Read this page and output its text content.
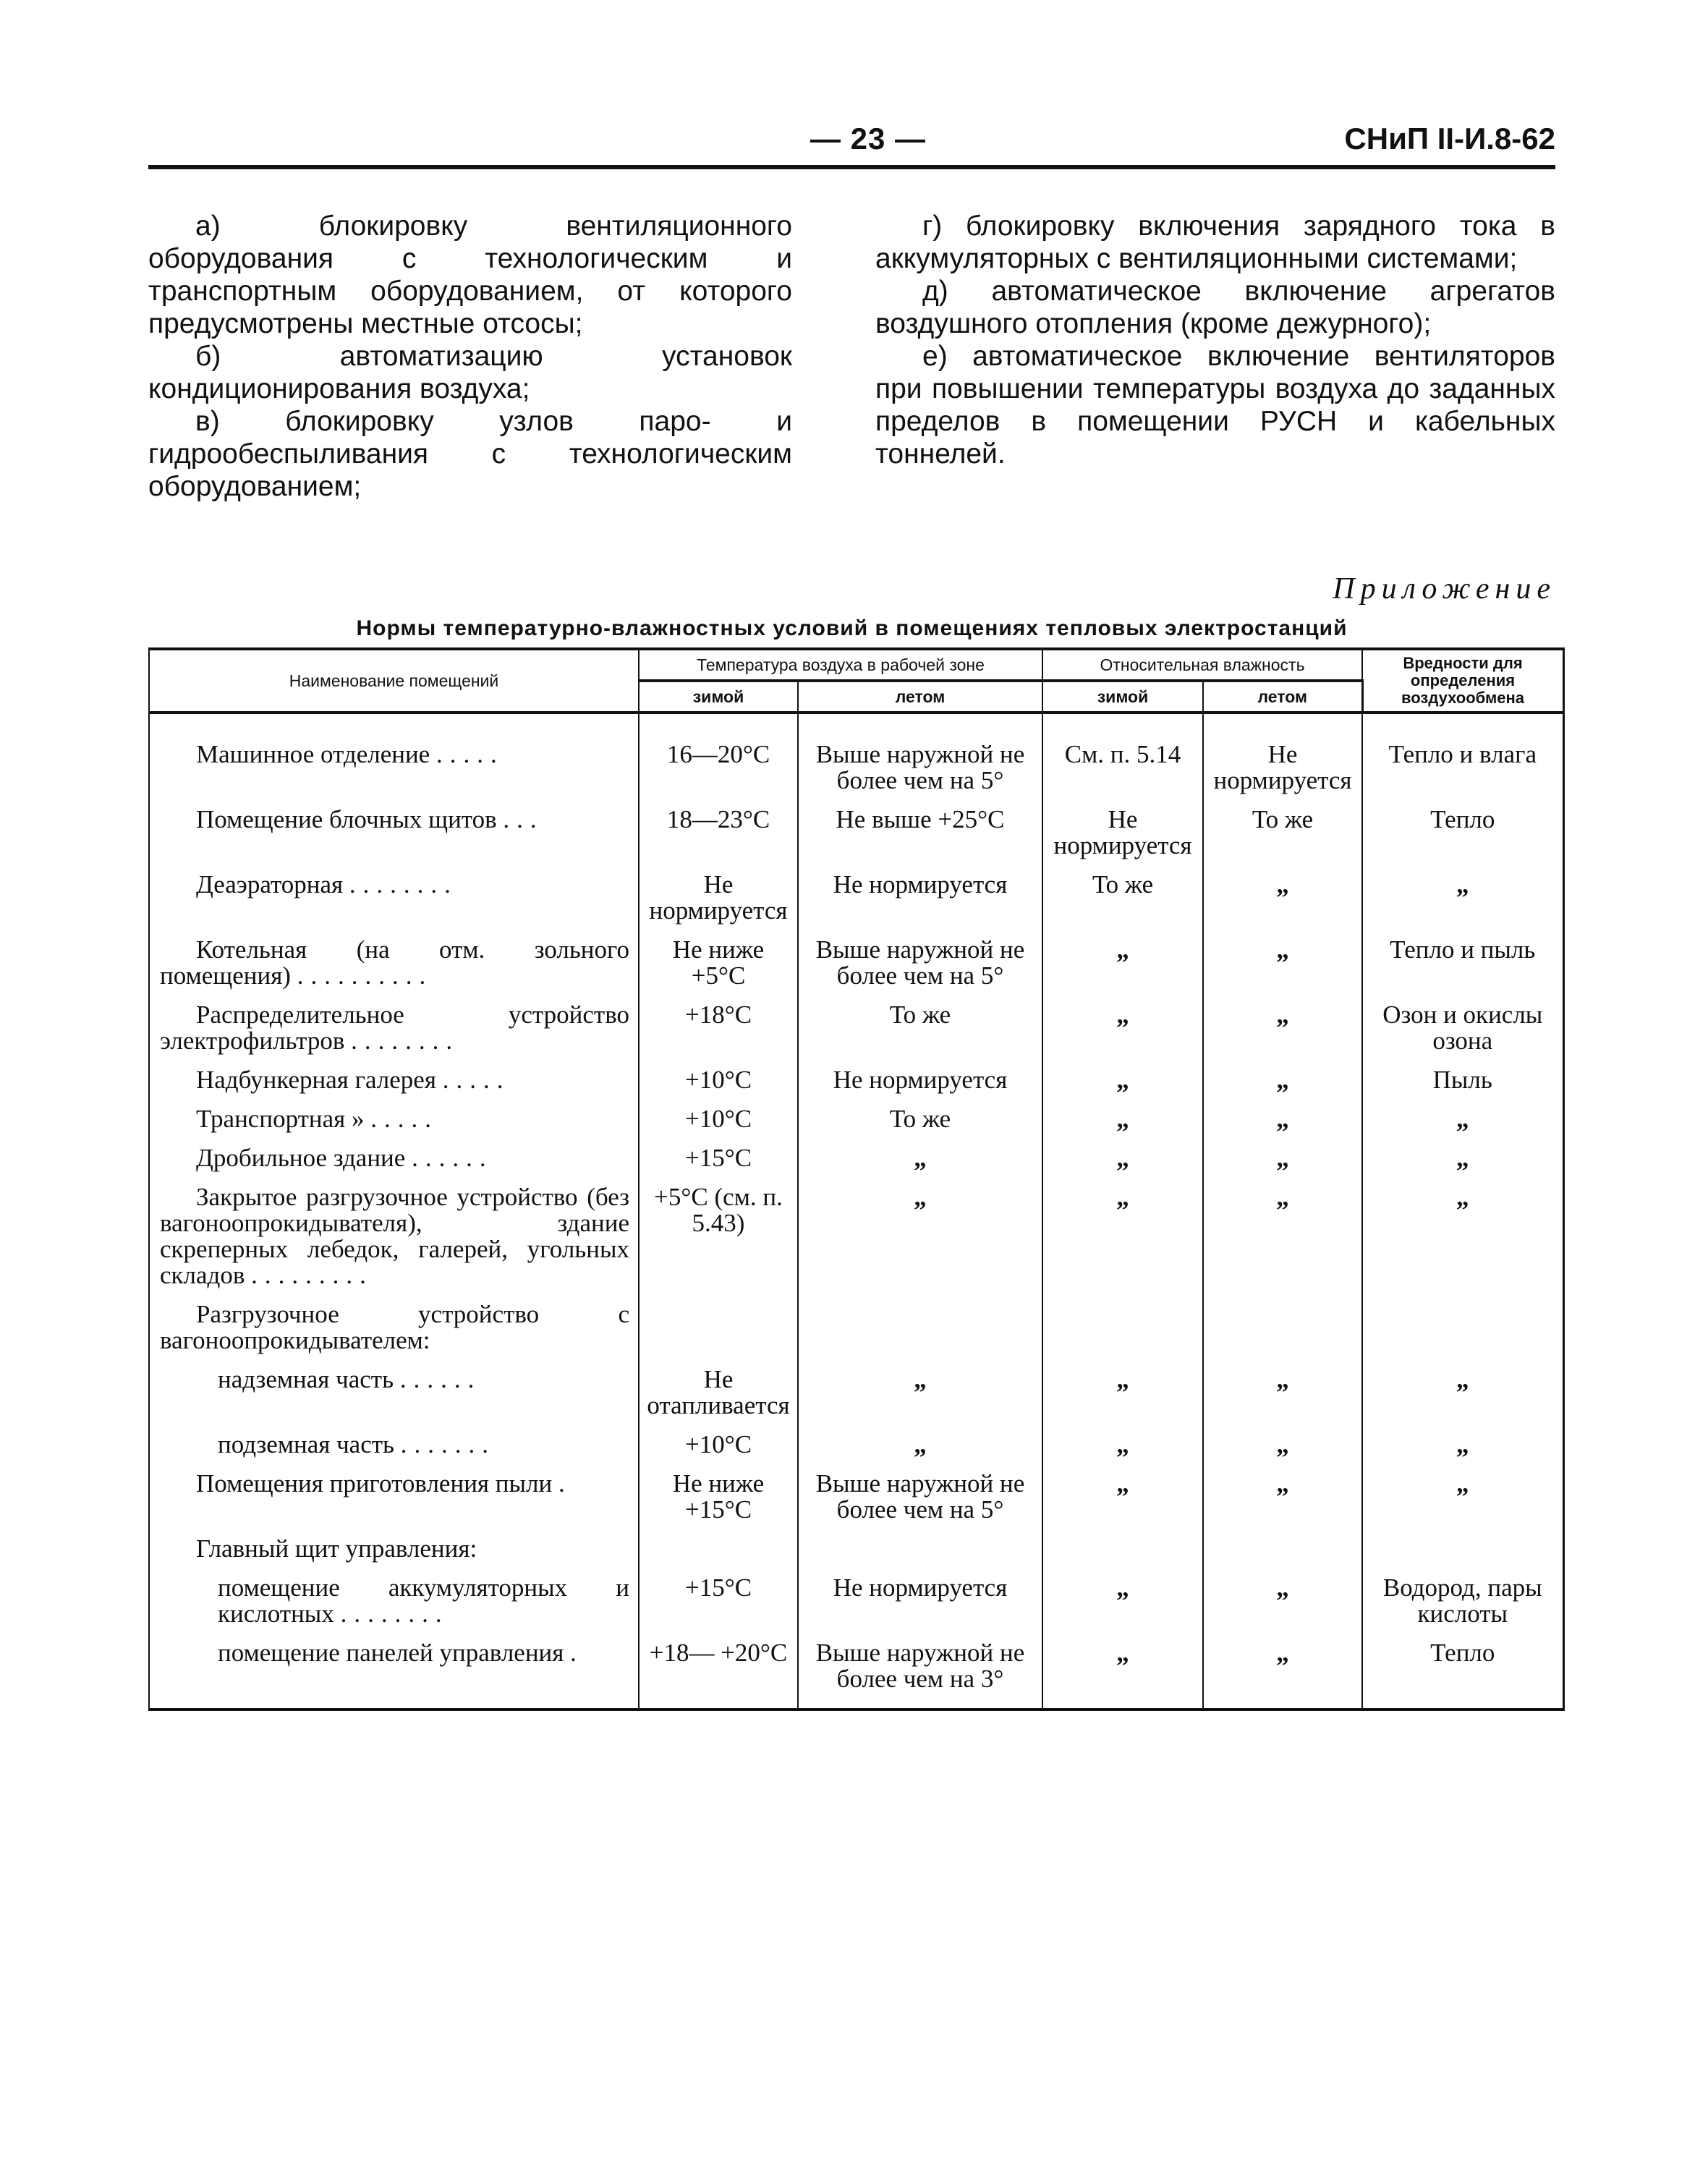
— 23 —	СНиП II-И.8-62

а) блокировку вентиляционного оборудования с технологическим и транспортным оборудованием, от которого предусмотрены местные отсосы;

б) автоматизацию установок кондиционирования воздуха;

в) блокировку узлов паро- и гидрообеспыливания с технологическим оборудованием;

г) блокировку включения зарядного тока в аккумуляторных с вентиляционными системами;

д) автоматическое включение агрегатов воздушного отопления (кроме дежурного);

е) автоматическое включение вентиляторов при повышении температуры воздуха до заданных пределов в помещении РУСН и кабельных тоннелей.

Приложение
Нормы температурно-влажностных условий в помещениях тепловых электростанций
Наименование помещений	Температура воздуха в рабочей зоне		Относительная влажность		Вредности для определения воздухообмена
	зимой	летом	зимой	летом	

Машинное отделение .....	16—20°С	Выше наружной не более чем на 5°	См. п. 5.14	Не нормируется	Тепло и влага

Помещение блочных щитов ...	18—23°С	Не выше +25°С	Не нормируется	То же	Тепло

Деаэраторная ........	Не нормируется	Не нормируется	То же	„	„

Котельная (на отм. зольного помещения) ..........	Не ниже +5°С	Выше наружной не более чем на 5°	„	„	Тепло и пыль

Распределительное устройство электрофильтров ........	+18°С	То же	„	„	Озон и окислы озона

Надбункерная галерея .....	+10°С	Не нормируется	„	„	Пыль

Транспортная » .....	+10°С	То же	„	„	„

Дробильное здание ......	+15°С	„	„	„	„

Закрытое разгрузочное устройство (без вагоноопрокидывателя), здание скреперных лебедок, галерей, угольных складов .........	+5°С (см. п. 5.43)	„	„	„	„

Разгрузочное устройство с вагоноопрокидывателем:					

надземная часть ......	Не отапливается	„	„	„	„

подземная часть .......	+10°С	„	„	„	„

Помещения приготовления пыли .	Не ниже +15°С	Выше наружной не более чем на 5°	„	„	„

Главный щит управления:					

помещение аккумуляторных и кислотных ........	+15°С	Не нормируется	„	„	Водород, пары кислоты

помещение панелей управления .	+18— +20°С	Выше наружной не более чем на 3°	„	„	Тепло
